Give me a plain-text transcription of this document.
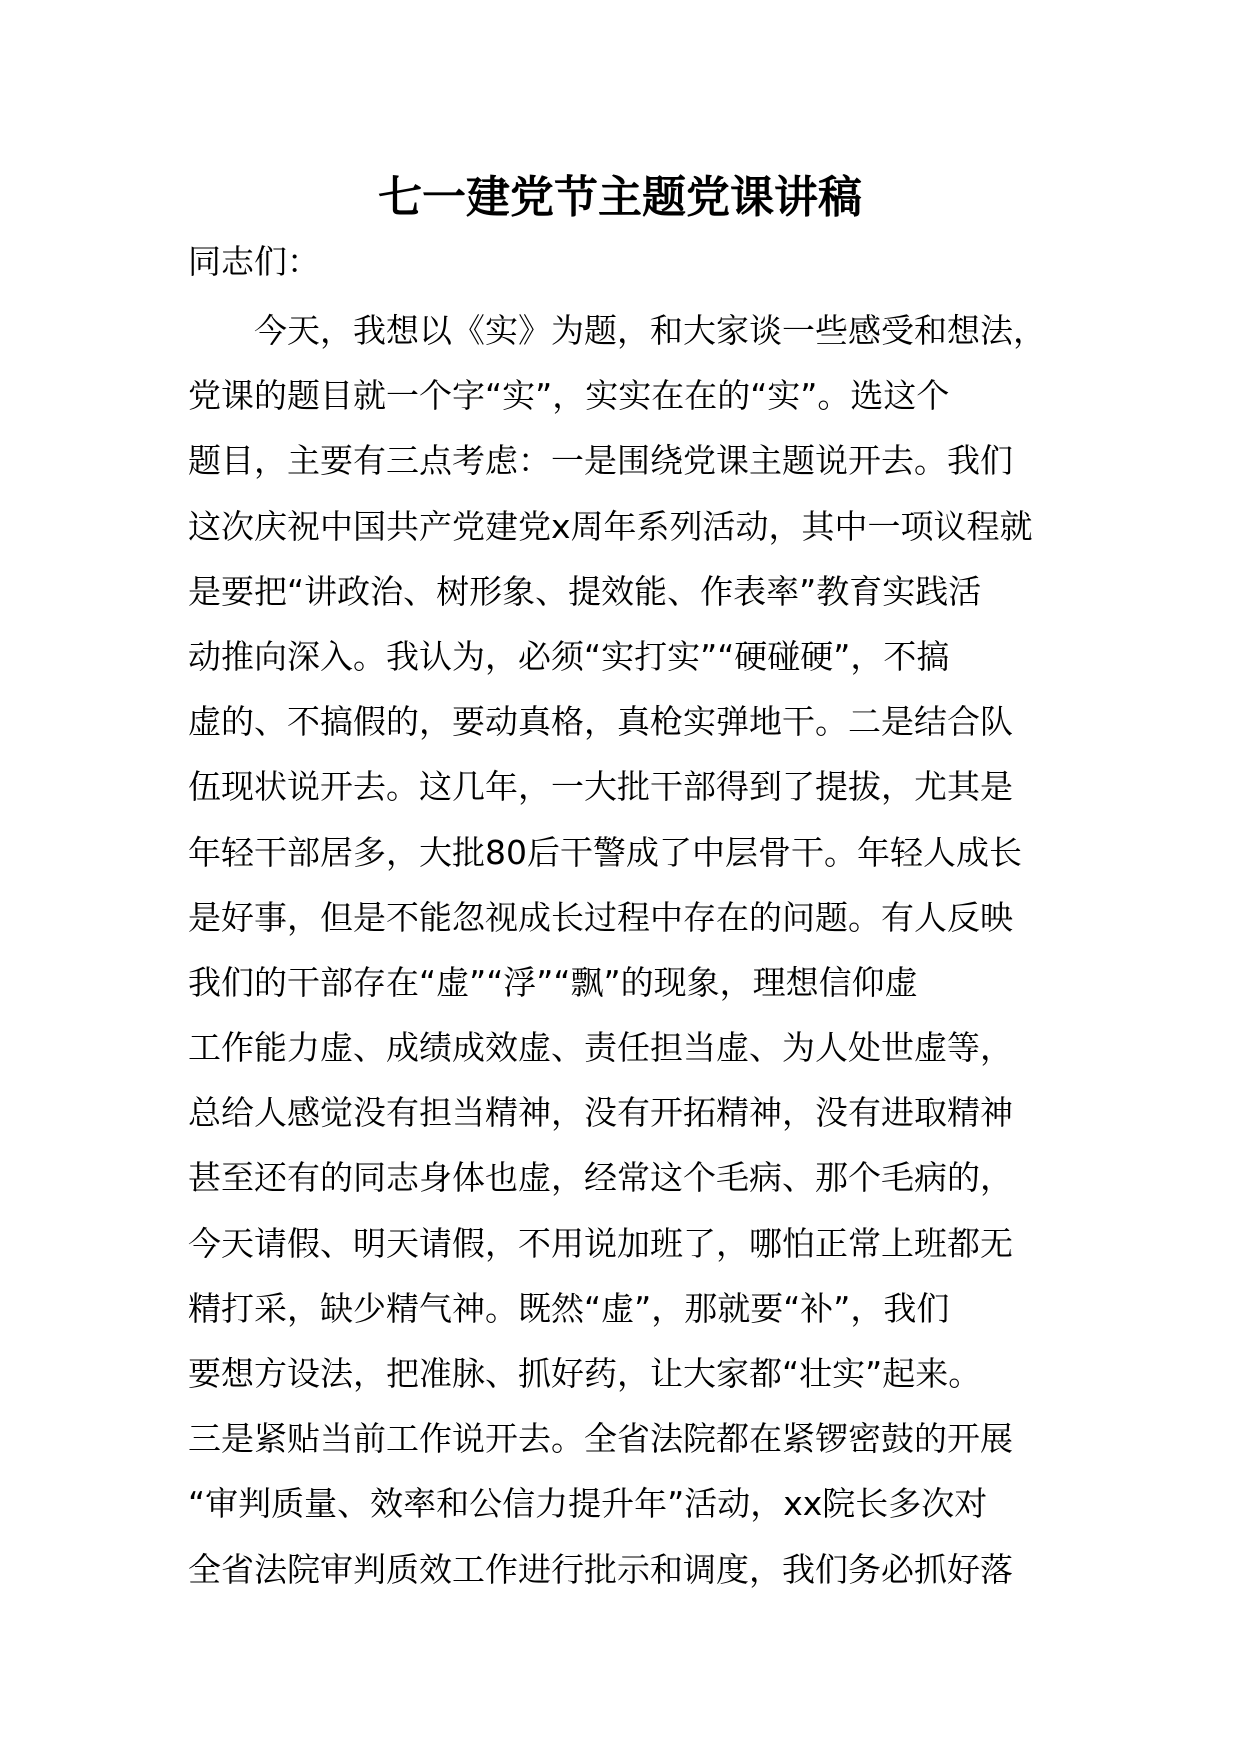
七一建党节主题党课讲稿

同志们：

　　今天，我想以《实》为题，和大家谈一些感受和想法，

党课的题目就一个字“实”，实实在在的“实”。选这个

题目，主要有三点考虑：一是围绕党课主题说开去。我们

这次庆祝中国共产党建党x周年系列活动，其中一项议程就

是要把“讲政治、树形象、提效能、作表率”教育实践活

动推向深入。我认为，必须“实打实”“硬碰硬”，不搞

虚的、不搞假的，要动真格，真枪实弹地干。二是结合队

伍现状说开去。这几年，一大批干部得到了提拔，尤其是

年轻干部居多，大批80后干警成了中层骨干。年轻人成长

是好事，但是不能忽视成长过程中存在的问题。有人反映

我们的干部存在“虚”“浮”“飘”的现象，理想信仰虚

工作能力虚、成绩成效虚、责任担当虚、为人处世虚等，

总给人感觉没有担当精神，没有开拓精神，没有进取精神

甚至还有的同志身体也虚，经常这个毛病、那个毛病的，

今天请假、明天请假，不用说加班了，哪怕正常上班都无

精打采，缺少精气神。既然“虚”，那就要“补”，我们

要想方设法，把准脉、抓好药，让大家都“壮实”起来。

三是紧贴当前工作说开去。全省法院都在紧锣密鼓的开展

“审判质量、效率和公信力提升年”活动，xx院长多次对

全省法院审判质效工作进行批示和调度，我们务必抓好落
